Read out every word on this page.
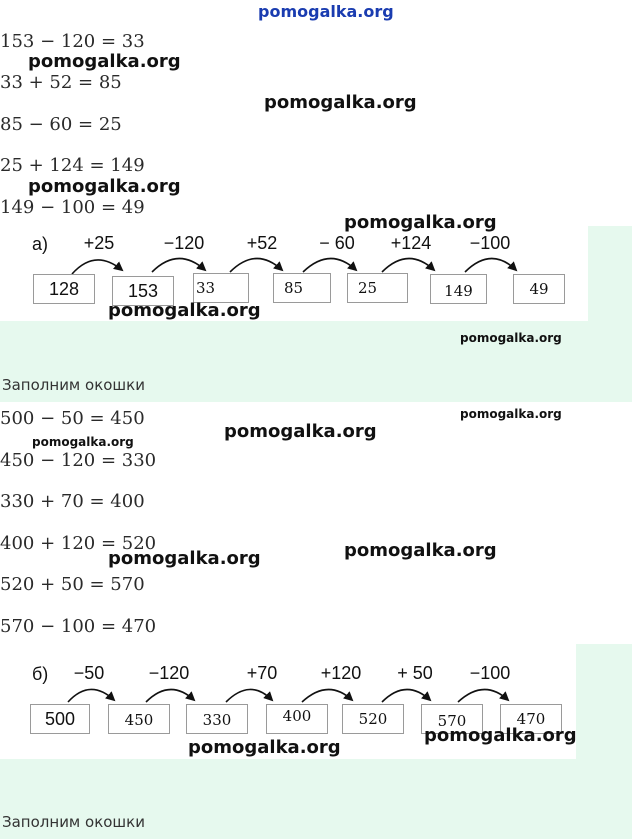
pomogalka.org
153 − 120 = 33
33 + 52 = 85
85 − 60 = 25
25 + 124 = 149
149 − 100 = 49
а) +25	−120 +52 − 60 +124 −100
128	153	33	85	25	149	49
Заполним окошки
500 − 50 = 450
450 − 120 = 330
330 + 70 = 400
400 + 120 = 520
520 + 50 = 570
570 − 100 = 470
б) −50 −120	+70 +120 + 50 −100
500	450	330	400	520	570	470
Заполним окошки
pomogalka.org
pomogalka.org
pomogalka.org
pomogalka.org
pomogalka.org
pomogalka.org
pomogalka.org
pomogalka.org
pomogalka.org
pomogalka.org
pomogalka.org
pomogalka.org
pomogalka.org
